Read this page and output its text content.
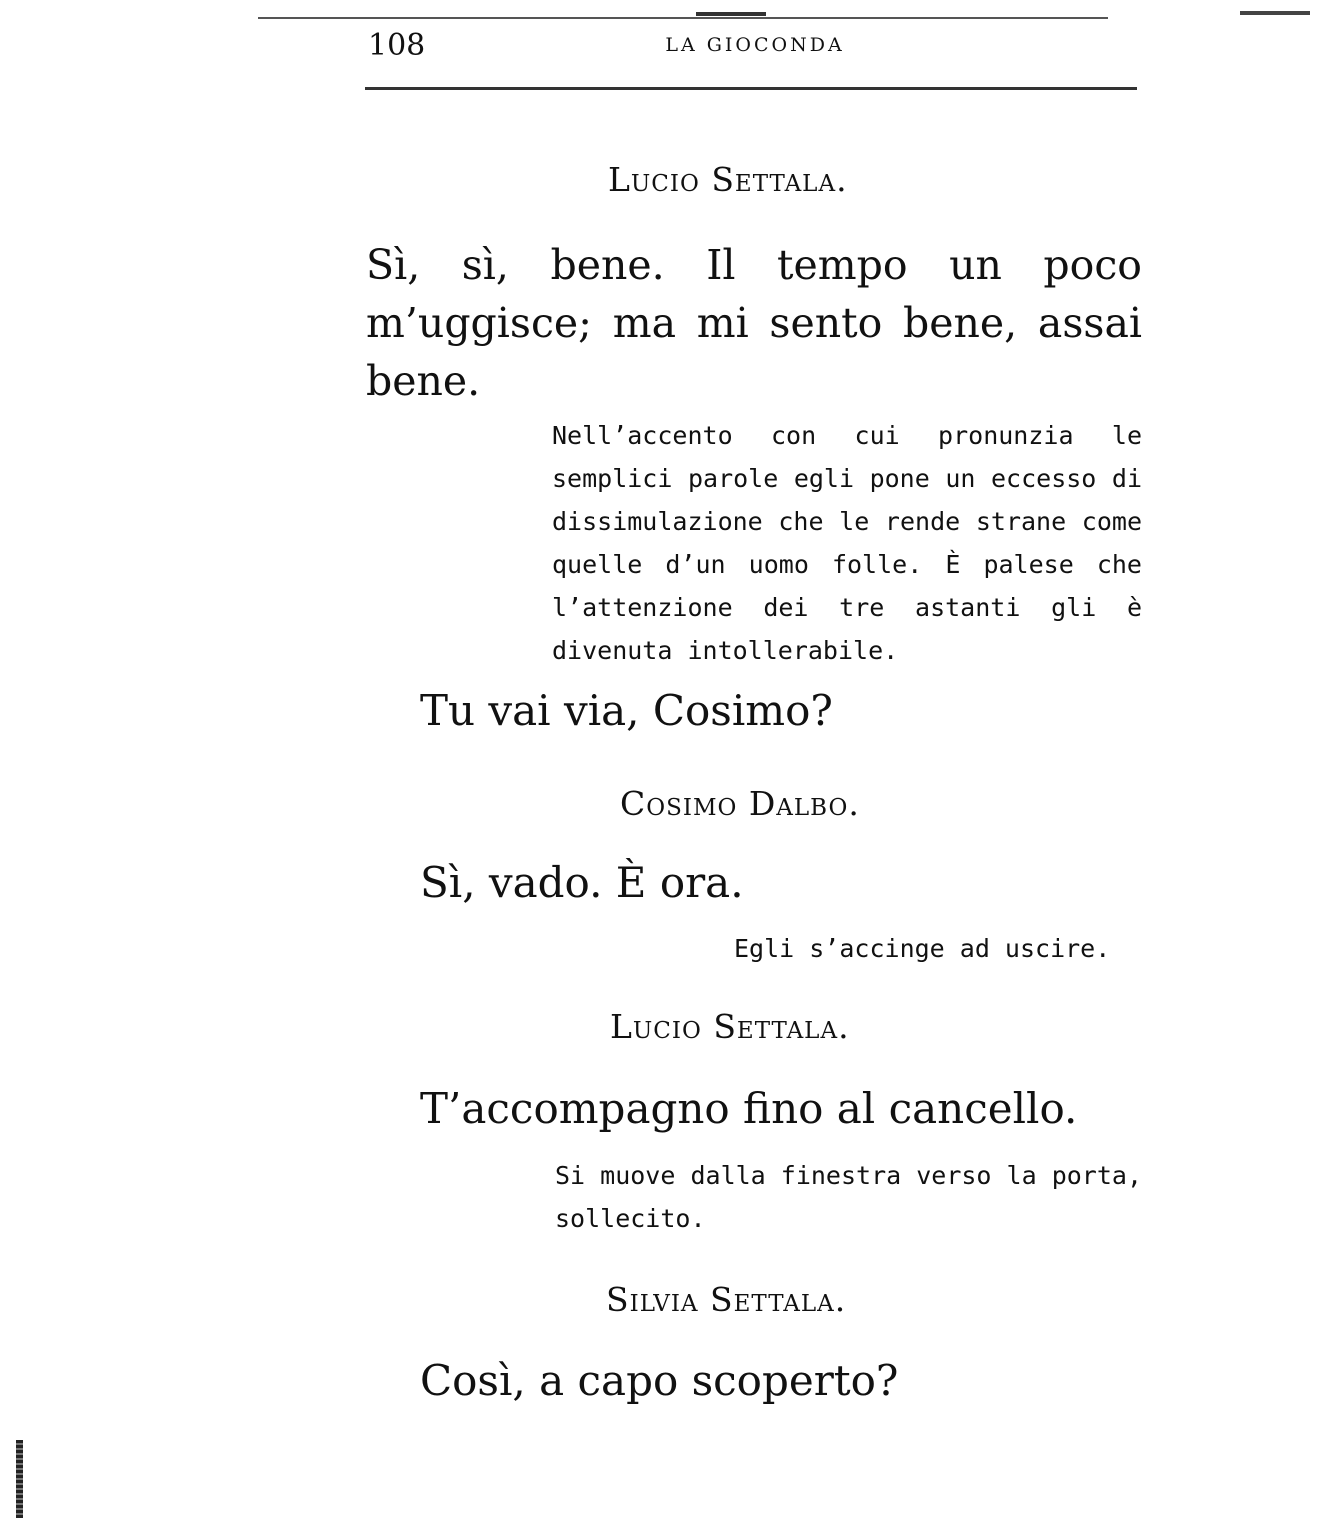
108	LA GIOCONDA
Lucio Settala.
Sì, sì, bene. Il tempo un poco m’uggisce; ma mi sento bene, assai bene.
Nell’accento con cui pronunzia le semplici parole egli pone un eccesso di dissimulazione che le rende strane come quelle d’un uomo folle. È palese che l’attenzione dei tre astanti gli è divenuta intollerabile.
Tu vai via, Cosimo?
Cosimo Dalbo.
Sì, vado. È ora.
Egli s’accinge ad uscire.
Lucio Settala.
T’accompagno fino al cancello.
Si muove dalla finestra verso la porta, sollecito.
Silvia Settala.
Così, a capo scoperto?
